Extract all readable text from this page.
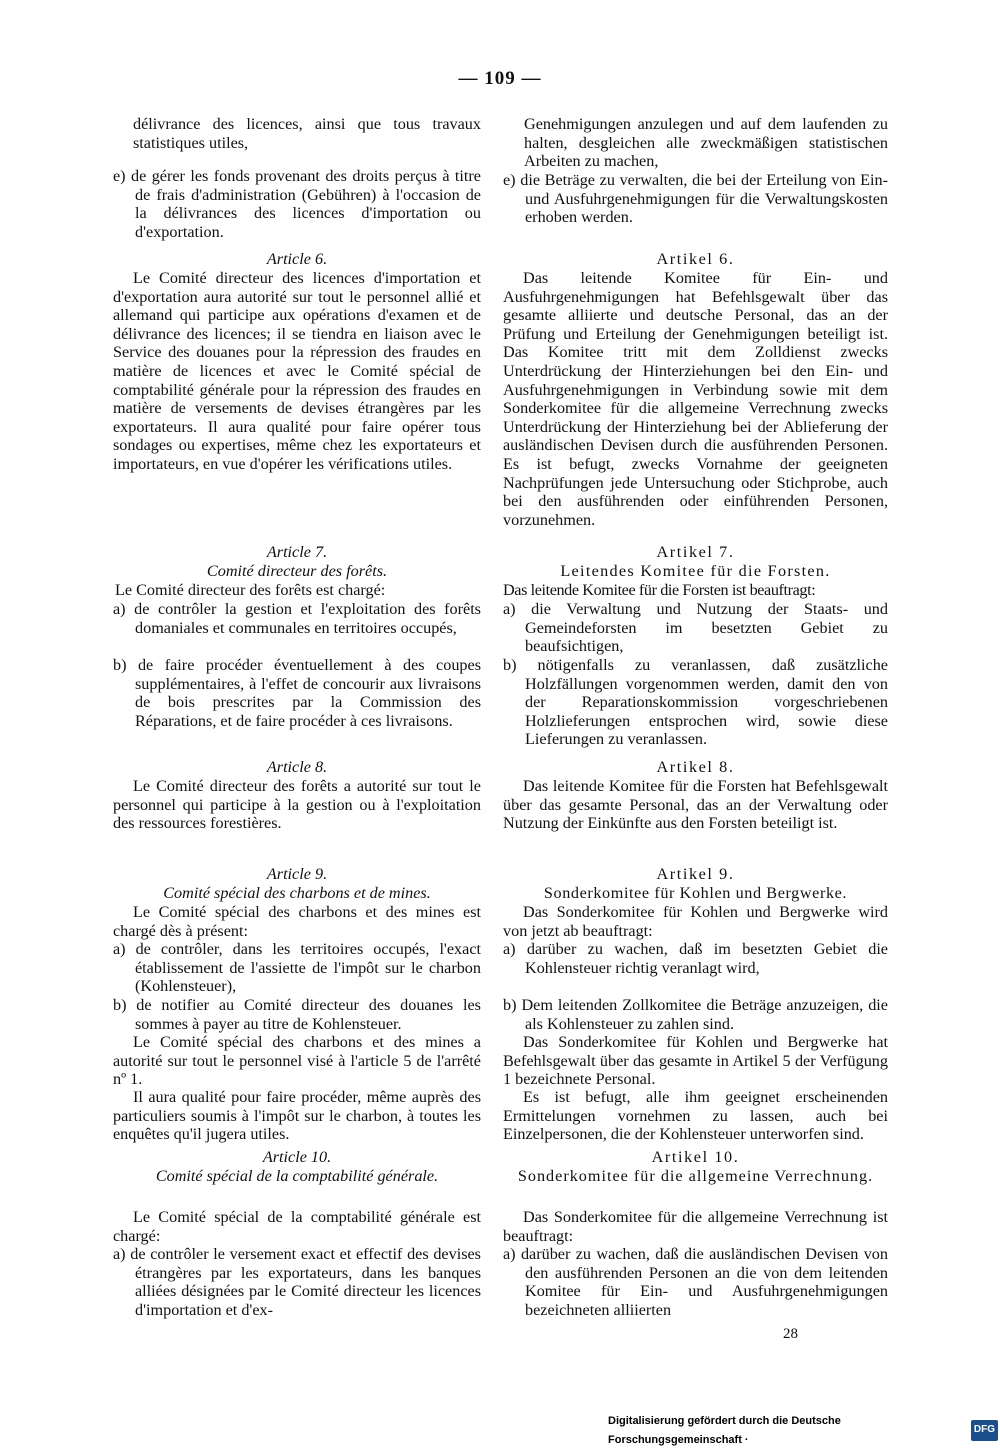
— 109 —

délivrance des licences, ainsi que tous travaux statistiques utiles,

e) de gérer les fonds provenant des droits perçus à titre de frais d'administration (Gebühren) à l'occasion de la délivrances des licences d'importation ou d'exportation.

Article 6.

Le Comité directeur des licences d'importation et d'exportation aura autorité sur tout le personnel allié et allemand qui participe aux opérations d'examen et de délivrance des licences; il se tiendra en liaison avec le Service des douanes pour la répression des fraudes en matière de licences et avec le Comité spécial de comptabilité générale pour la répression des fraudes en matière de versements de devises étrangères par les exportateurs. Il aura qualité pour faire opérer tous sondages ou expertises, même chez les exportateurs et importateurs, en vue d'opérer les vérifications utiles.

Article 7.

Comité directeur des forêts.

Le Comité directeur des forêts est chargé:

a) de contrôler la gestion et l'exploitation des forêts domaniales et communales en territoires occupés,

b) de faire procéder éventuellement à des coupes supplémentaires, à l'effet de concourir aux livraisons de bois prescrites par la Commission des Réparations, et de faire procéder à ces livraisons.

Article 8.

Le Comité directeur des forêts a autorité sur tout le personnel qui participe à la gestion ou à l'exploitation des ressources forestières.

Article 9.

Comité spécial des charbons et de mines.

Le Comité spécial des charbons et des mines est chargé dès à présent:

a) de contrôler, dans les territoires occupés, l'exact établissement de l'assiette de l'impôt sur le charbon (Kohlensteuer),

b) de notifier au Comité directeur des douanes les sommes à payer au titre de Kohlensteuer.

Le Comité spécial des charbons et des mines a autorité sur tout le personnel visé à l'article 5 de l'arrêté nº 1.

Il aura qualité pour faire procéder, même auprès des particuliers soumis à l'impôt sur le charbon, à toutes les enquêtes qu'il jugera utiles.

Article 10.

Comité spécial de la comptabilité générale.

Le Comité spécial de la comptabilité générale est chargé:

a) de contrôler le versement exact et effectif des devises étrangères par les exportateurs, dans les banques alliées désignées par le Comité directeur les licences d'importation et d'ex-

Genehmigungen anzulegen und auf dem laufenden zu halten, desgleichen alle zweckmäßigen statistischen Arbeiten zu machen,

e) die Beträge zu verwalten, die bei der Erteilung von Ein- und Ausfuhrgenehmigungen für die Verwaltungskosten erhoben werden.

Artikel 6.

Das leitende Komitee für Ein- und Ausfuhrgenehmigungen hat Befehlsgewalt über das gesamte alliierte und deutsche Personal, das an der Prüfung und Erteilung der Genehmigungen beteiligt ist. Das Komitee tritt mit dem Zolldienst zwecks Unterdrückung der Hinterziehungen bei den Ein- und Ausfuhrgenehmigungen in Verbindung sowie mit dem Sonderkomitee für die allgemeine Verrechnung zwecks Unterdrückung der Hinterziehung bei der Ablieferung der ausländischen Devisen durch die ausführenden Personen. Es ist befugt, zwecks Vornahme der geeigneten Nachprüfungen jede Untersuchung oder Stichprobe, auch bei den ausführenden oder einführenden Personen, vorzunehmen.

Artikel 7.

Leitendes Komitee für die Forsten.

Das leitende Komitee für die Forsten ist beauftragt:

a) die Verwaltung und Nutzung der Staats- und Gemeindeforsten im besetzten Gebiet zu beaufsichtigen,

b) nötigenfalls zu veranlassen, daß zusätzliche Holzfällungen vorgenommen werden, damit den von der Reparationskommission vorgeschriebenen Holzlieferungen entsprochen wird, sowie diese Lieferungen zu veranlassen.

Artikel 8.

Das leitende Komitee für die Forsten hat Befehlsgewalt über das gesamte Personal, das an der Verwaltung oder Nutzung der Einkünfte aus den Forsten beteiligt ist.

Artikel 9.

Sonderkomitee für Kohlen und Bergwerke.

Das Sonderkomitee für Kohlen und Bergwerke wird von jetzt ab beauftragt:

a) darüber zu wachen, daß im besetzten Gebiet die Kohlensteuer richtig veranlagt wird,

b) Dem leitenden Zollkomitee die Beträge anzuzeigen, die als Kohlensteuer zu zahlen sind.

Das Sonderkomitee für Kohlen und Bergwerke hat Befehlsgewalt über das gesamte in Artikel 5 der Verfügung 1 bezeichnete Personal.

Es ist befugt, alle ihm geeignet erscheinenden Ermittelungen vornehmen zu lassen, auch bei Einzelpersonen, die der Kohlensteuer unterworfen sind.

Artikel 10.

Sonderkomitee für die allgemeine Verrechnung.

Das Sonderkomitee für die allgemeine Verrechnung ist beauftragt:

a) darüber zu wachen, daß die ausländischen Devisen von den ausführenden Personen an die von dem leitenden Komitee für Ein- und Ausfuhrgenehmigungen bezeichneten alliierten

28
Digitalisierung gefördert durch die Deutsche Forschungsgemeinschaft ·
DFG
